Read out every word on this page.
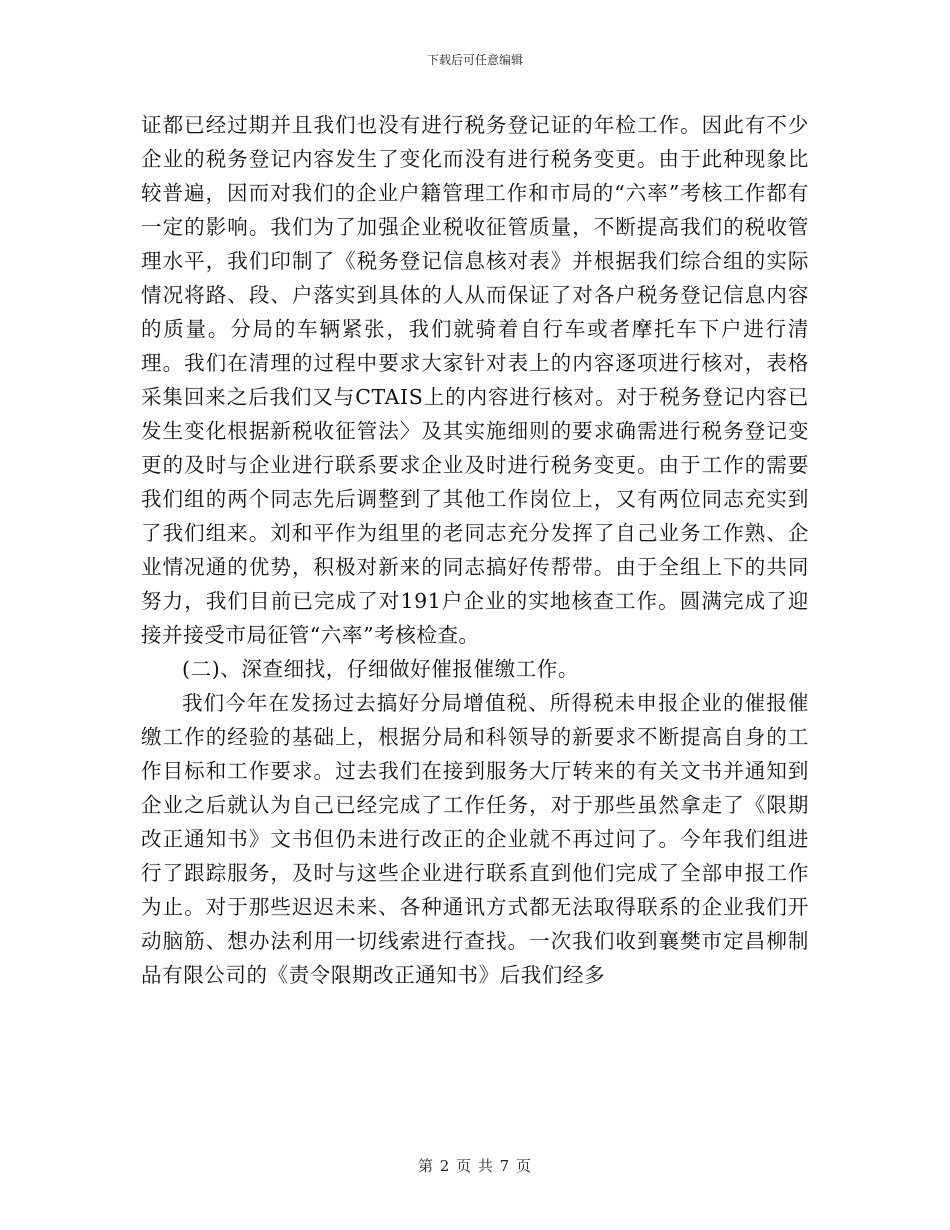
下载后可任意编辑

证都已经过期并且我们也没有进行税务登记证的年检工作。因此有不少企业的税务登记内容发生了变化而没有进行税务变更。由于此种现象比较普遍，因而对我们的企业户籍管理工作和市局的“六率”考核工作都有一定的影响。我们为了加强企业税收征管质量，不断提高我们的税收管理水平，我们印制了《税务登记信息核对表》并根据我们综合组的实际情况将路、段、户落实到具体的人从而保证了对各户税务登记信息内容的质量。分局的车辆紧张，我们就骑着自行车或者摩托车下户进行清理。我们在清理的过程中要求大家针对表上的内容逐项进行核对，表格采集回来之后我们又与CTAIS上的内容进行核对。对于税务登记内容已发生变化根据新税收征管法〉及其实施细则的要求确需进行税务登记变更的及时与企业进行联系要求企业及时进行税务变更。由于工作的需要我们组的两个同志先后调整到了其他工作岗位上，又有两位同志充实到了我们组来。刘和平作为组里的老同志充分发挥了自己业务工作熟、企业情况通的优势，积极对新来的同志搞好传帮带。由于全组上下的共同努力，我们目前已完成了对191户企业的实地核查工作。圆满完成了迎接并接受市局征管“六率”考核检查。

(二)、深查细找，仔细做好催报催缴工作。

我们今年在发扬过去搞好分局增值税、所得税未申报企业的催报催缴工作的经验的基础上，根据分局和科领导的新要求不断提高自身的工作目标和工作要求。过去我们在接到服务大厅转来的有关文书并通知到企业之后就认为自己已经完成了工作任务，对于那些虽然拿走了《限期改正通知书》文书但仍未进行改正的企业就不再过问了。今年我们组进行了跟踪服务，及时与这些企业进行联系直到他们完成了全部申报工作为止。对于那些迟迟未来、各种通讯方式都无法取得联系的企业我们开动脑筋、想办法利用一切线索进行查找。一次我们收到襄樊市定昌柳制品有限公司的《责令限期改正通知书》后我们经多

第 2 页 共 7 页
